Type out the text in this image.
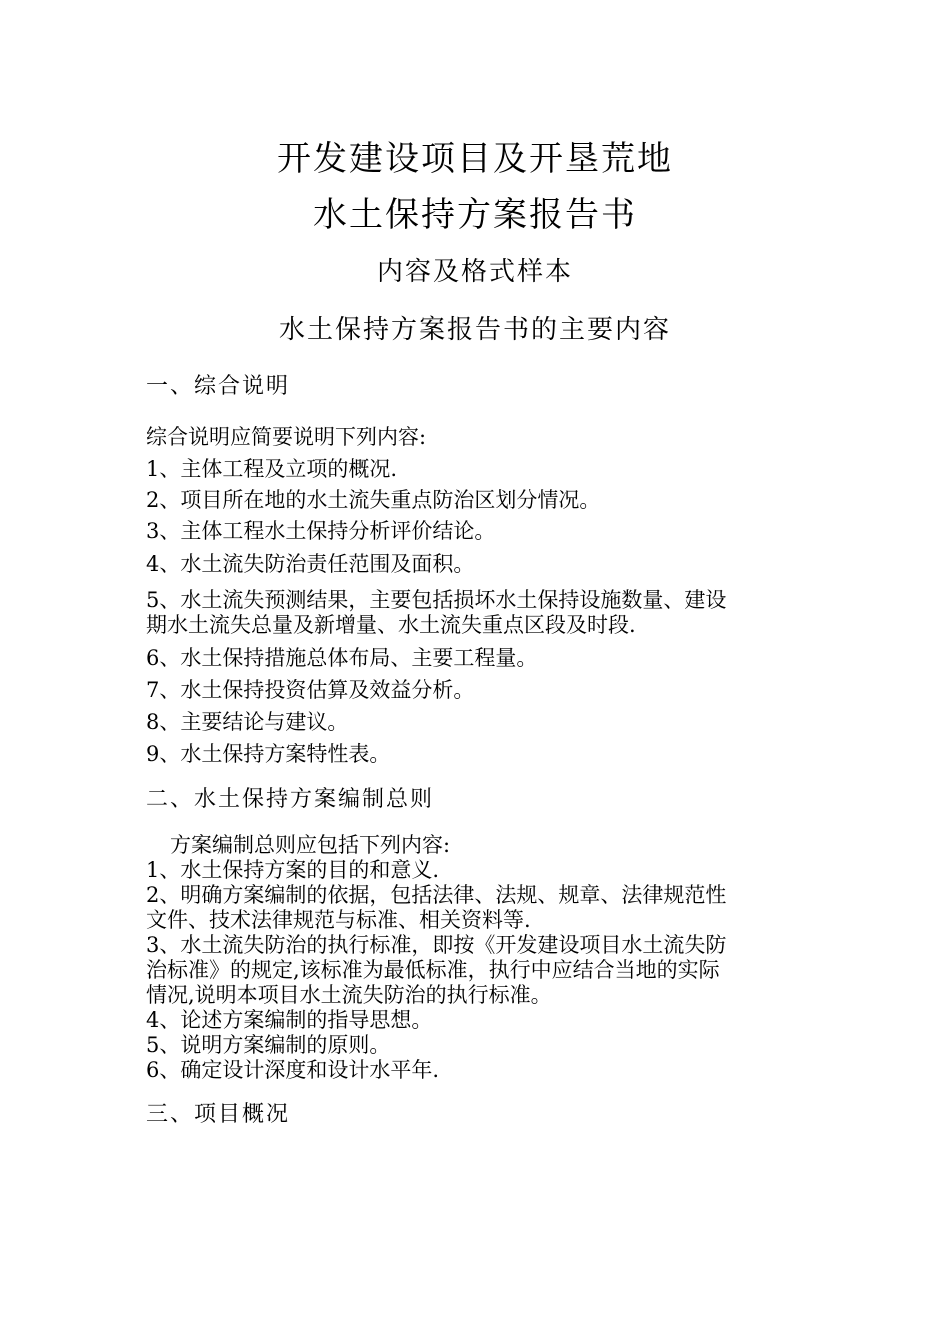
开发建设项目及开垦荒地
水土保持方案报告书
内容及格式样本
水土保持方案报告书的主要内容
一、综合说明
综合说明应简要说明下列内容:
1、主体工程及立项的概况.
2、项目所在地的水土流失重点防治区划分情况。
3、主体工程水土保持分析评价结论。
4、水土流失防治责任范围及面积。
5、水土流失预测结果，主要包括损坏水土保持设施数量、建设
期水土流失总量及新增量、水土流失重点区段及时段.
6、水土保持措施总体布局、主要工程量。
7、水土保持投资估算及效益分析。
8、主要结论与建议。
9、水土保持方案特性表。
二、水土保持方案编制总则
方案编制总则应包括下列内容:
1、水土保持方案的目的和意义.
2、明确方案编制的依据，包括法律、法规、规章、法律规范性
文件、技术法律规范与标准、相关资料等.
3、水土流失防治的执行标准，即按《开发建设项目水土流失防
治标准》的规定,该标准为最低标准，执行中应结合当地的实际
情况,说明本项目水土流失防治的执行标准。
4、论述方案编制的指导思想。
5、说明方案编制的原则。
6、确定设计深度和设计水平年.
三、项目概况
